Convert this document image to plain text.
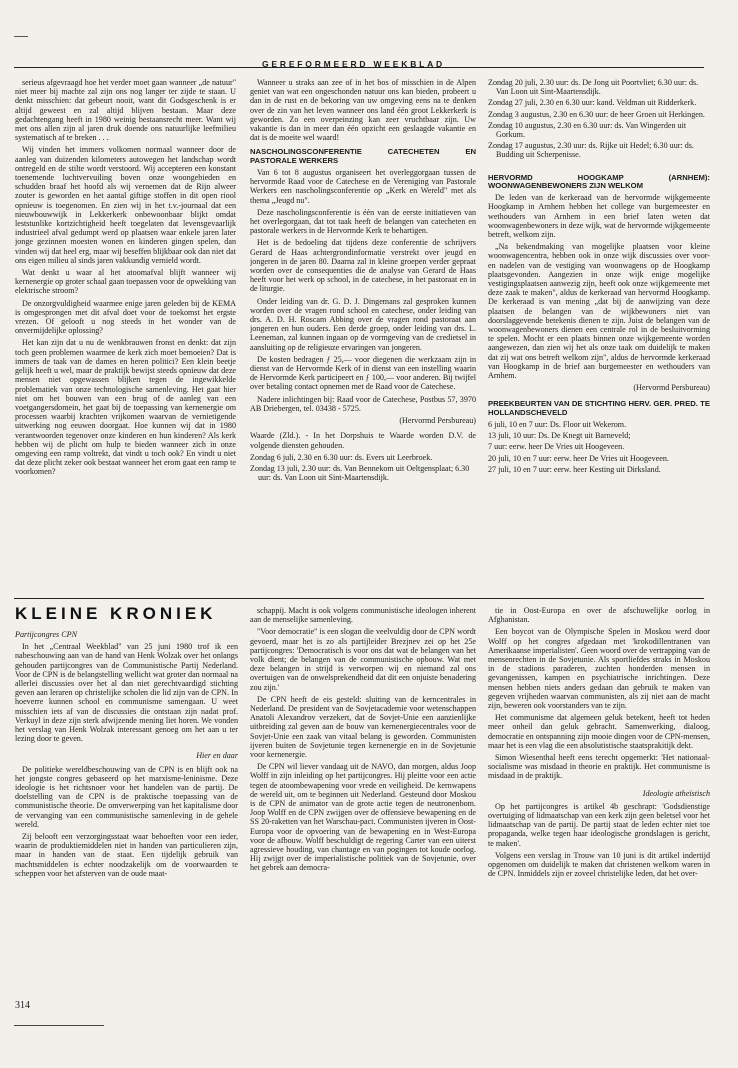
GEREFORMEERD WEEKBLAD

serieus afgevraagd hoe het verder moet gaan wanneer „de natuur" niet meer bij machte zal zijn ons nog langer ter zijde te staan. U denkt misschien: dat gebeurt nooit, want dit Godsgeschenk is er altijd geweest en zal altijd blijven bestaan. Maar deze gedachtengang heeft in 1980 weinig bestaansrecht meer. Want wij met ons allen zijn al jaren druk doende ons natuurlijke leefmilieu systematisch af te breken . . .

Wij vinden het immers volkomen normaal wanneer door de aanleg van duizenden kilometers autowegen het landschap wordt ontregeld en de stilte wordt verstoord. Wij accepteren een konstant toenemende luchtvervuiling boven onze woongebieden en schudden braaf het hoofd als wij vernemen dat de Rijn alweer zouter is geworden en het aantal giftige stoffen in dit open riool opnieuw is toegenomen. En zien wij in het t.v.-journaal dat een nieuwbouwwijk in Lekkerkerk onbewoonbaar blijkt omdat leststunlike kortzichtigheid heeft toegelaten dat levensgevaarlijk industrieel afval gedumpt werd op plaatsen waar enkele jaren later jonge gezinnen moesten wonen en kinderen gingen spelen, dan vinden wij dat heel erg, maar wij beseffen blijkbaar ook dan niet dat ons eigen milieu al sinds jaren vakkundig vernield wordt.

Wat denkt u waar al het atoomafval blijft wanneer wij kernenergie op groter schaal gaan toepassen voor de opwekking van elektrische stroom?

De onzorgvuldigheid waarmee enige jaren geleden bij de KEMA is omgesprongen met dit afval doet voor de toekomst het ergste vrezen. Of gelooft u nog steeds in het wonder van de onvermijdelijke oplossing?

Het kan zijn dat u nu de wenkbrauwen fronst en denkt: dat zijn toch geen problemen waarmee de kerk zich moet bemoeien? Dat is immers de taak van de dames en heren politici? Een klein beetje gelijk heeft u wel, maar de praktijk bewijst steeds opnieuw dat deze mensen niet opgewassen blijken tegen de ingewikkelde problematiek van onze technologische samenleving. Het gaat hier niet om het bouwen van een brug of de aanleg van een voetgangersdomein, het gaat bij de toepassing van kernenergie om processen waarbij krachten vrijkomen waarvan de vernietigende uitwerking nog eeuwen doorgaat. Hoe kunnen wij dat in 1980 verantwoorden tegenover onze kinderen en hun kinderen? Als kerk hebben wij de plicht om hulp te bieden wanneer zich in onze omgeving een ramp voltrekt, dat vindt u toch ook? En vindt u niet dat deze plicht zeker ook bestaat wanneer het erom gaat een ramp te voorkomen?

Wanneer u straks aan zee of in het bos of misschien in de Alpen geniet van wat een ongeschonden natuur ons kan bieden, probeert u dan in de rust en de bekoring van uw omgeving eens na te denken over de zin van het leven wanneer ons land één groot Lekkerkerk is geworden. Zo een overpeinzing kan zeer vruchtbaar zijn. Uw vakantie is dan in meer dan één opzicht een geslaagde vakantie en dat is de moeite wel waard!

NASCHOLINGSCONFERENTIE CATECHETEN EN PASTORALE WERKERS

Van 6 tot 8 augustus organiseert het overleggorgaan tussen de hervormde Raad voor de Catechese en de Vereniging van Pastorale Werkers een nascholingsconferentie op „Kerk en Wereld" met als thema „Jeugd nu".

Deze nascholingsconferentie is één van de eerste initiatieven van het overlegorgaan, dat tot taak heeft de belangen van catecheten en pastorale werkers in de Hervormde Kerk te behartigen.

Het is de bedoeling dat tijdens deze conferentie de schrijvers Gerard de Haas achtergrondinformatie verstrekt over jeugd en jongeren in de jaren 80. Daarna zal in kleine groepen verder gepraat worden over de consequenties die de analyse van Gerard de Haas heeft voor het werk op school, in de catechese, in het pastoraat en in de liturgie.

Onder leiding van dr. G. D. J. Dingemans zal gesproken kunnen worden over de vragen rond school en catechese, onder leiding van drs. A. D. H. Roscam Abbing over de vragen rond pastoraat aan jongeren en hun ouders. Een derde groep, onder leiding van drs. L. Leeneman, zal kunnen ingaan op de vormgeving van de credietsel in aansluiting op de religieuze ervaringen van jongeren.

De kosten bedragen ƒ 25,— voor diegenen die werkzaam zijn in dienst van de Hervormde Kerk of in dienst van een instelling waarin de Hervormde Kerk participeert en ƒ 100,— voor anderen. Bij twijfel over betaling contact opnemen met de Raad voor de Catechese.

Nadere inlichtingen bij: Raad voor de Catechese, Postbus 57, 3970 AB Driebergen, tel. 03438 - 5725.

(Hervormd Persbureau)

Waarde (Zld.). - In het Dorpshuis te Waarde worden D.V. de volgende diensten gehouden.

Zondag 6 juli, 2.30 en 6.30 uur: ds. Evers uit Leerbroek.

Zondag 13 juli, 2.30 uur: ds. Van Bennekom uit Oeltgensplaat; 6.30 uur: ds. Van Loon uit Sint-Maartensdijk.

Zondag 20 juli, 2.30 uur: ds. De Jong uit Poortvliet; 6.30 uur: ds. Van Loon uit Sint-Maartensdijk.

Zondag 27 juli, 2.30 en 6.30 uur: kand. Veldman uit Ridderkerk.

Zondag 3 augustus, 2.30 en 6.30 uur: de heer Groen uit Herkingen.

Zondag 10 augustus, 2.30 en 6.30 uur: ds. Van Wingerden uit Gorkum.

Zondag 17 augustus, 2.30 uur: ds. Rijke uit Hedel; 6.30 uur: ds. Budding uit Scherpenisse.

HERVORMD HOOGKAMP (ARNHEM): WOONWAGENBEWONERS ZIJN WELKOM

De leden van de kerkeraad van de hervormde wijkgemeente Hoogkamp in Arnhem hebben het college van burgemeester en wethouders van Arnhem in een brief laten weten dat woonwagenbewoners in deze wijk, wat de hervormde wijkgemeente betreft, welkom zijn.

„Na bekendmaking van mogelijke plaatsen voor kleine woonwagencentra, hebben ook in onze wijk discussies over voor- en nadelen van de vestiging van woonwagens op de Hoogkamp plaatsgevonden. Aangezien in onze wijk enige mogelijke vestigingsplaatsen aanwezig zijn, heeft ook onze wijkgemeente met deze zaak te maken", aldus de kerkeraad van hervormd Hoogkamp. De kerkeraad is van mening „dat bij de aanwijzing van deze plaatsen de belangen van de wijkbewoners niet van doorslaggevende betekenis dienen te zijn. Juist de belangen van de woonwagenbewoners dienen een centrale rol in de besluitvorming te spelen. Mocht er een plaats binnen onze wijkgemeente worden aangewezen, dan zien wij het als onze taak om duidelijk te maken dat zij wat ons betreft welkom zijn", aldus de hervormde kerkeraad van Hoogkamp in de brief aan burgemeester en wethouders van Arnhem.

(Hervormd Persbureau)

PREEKBEURTEN VAN DE STICHTING HERV. GER. PRED. TE HOLLANDSCHEVELD

6 juli, 10 en 7 uur: Ds. Floor uit Wekerom.

13 juli, 10 uur: Ds. De Knegt uit Barneveld;

7 uur: eerw. heer De Vries uit Hoogeveen.

20 juli, 10 en 7 uur: eerw. heer De Vries uit Hoogeveen.

27 juli, 10 en 7 uur: eerw. heer Kesting uit Dirksland.

KLEINE KRONIEK

Partijcongres CPN

In het „Centraal Weekblad" van 25 juni 1980 trof ik een nabeschouwing aan van de hand van Henk Wolzak over het onlangs gehouden partijcongres van de Communistische Partij Nederland. Voor de CPN is de belangstelling wellicht wat groter dan normaal na allerlei discussies over het al dan niet gerechtvaardigd stichting geven aan leraren op christelijke scholen die lid zijn van de CPN. In hoeverre kunnen school en communisme samengaan. U weet misschien iets af van de discussies die ontstaan zijn nadat prof. Verkuyl in deze zijn sterk afwijzende mening liet horen. We vonden het verslag van Henk Wolzak interessant genoeg om het aan u ter lezing door te geven.

Hier en daar

De politieke wereldbeschouwing van de CPN is en blijft ook na het jongste congres gebaseerd op het marxisme-leninisme. Deze ideologie is het richtsnoer voor het handelen van de partij. De doelstelling van de CPN is de praktische toepassing van de communistische theorie. De omverwerping van het kapitalisme door de vervanging van een communistische samenleving in de gehele wereld.

Zij belooft een verzorgingsstaat waar behoeften voor een ieder, waarin de produktiemiddelen niet in handen van particulieren zijn, maar in handen van de staat. Een tijdelijk gebruik van machtsmiddelen is echter noodzakelijk om de voorwaarden te scheppen voor het afsterven van de oude maat-

schappij. Macht is ook volgens communistische ideologen inherent aan de menselijke samenleving.

"Voor democratie" is een slogan die veelvuldig door de CPN wordt gevoerd, maar het is zo als partijleider Brezjnev zei op het 25e partijcongres: 'Democratisch is voor ons dat wat de belangen van het volk dient; de belangen van de communistische opbouw. Wat met deze belangen in strijd is verworpen wij en niemand zal ons overtuigen van de onwelsprekendheid dat dit een onjuiste benadering zou zijn.'

De CPN heeft de eis gesteld: sluiting van de kerncentrales in Nederland. De president van de Sovjetacademie voor wetenschappen Anatoli Alexandrov verzekert, dat de Sovjet-Unie een aanzienlijke uitbreiding zal geven aan de bouw van kernenergiecentrales voor de Sovjet-Unie een zaak van vitaal belang is geworden. Communisten ijveren buiten de Sovjetunie tegen kernenergie en in de Sovjetunie voor kernenergie.

De CPN wil liever vandaag uit de NAVO, dan morgen, aldus Joop Wolff in zijn inleiding op het partijcongres. Hij pleitte voor een actie tegen de atoombewapening voor vrede en veiligheid. De kernwapens de wereld uit, om te beginnen uit Nederland. Gesteund door Moskou is de CPN de animator van de grote actie tegen de neutronenbom. Joop Wolff en de CPN zwijgen over de offensieve bewapening en de SS 20-raketten van het Warschau-pact. Communisten ijveren in Oost-Europa voor de opvoering van de bewapening en in West-Europa voor de afbouw. Wolff beschuldigt de regering Carter van een uiterst agressieve houding, van chantage en van pogingen tot koude oorlog. Hij zwijgt over de imperialistische politiek van de Sovjetunie, over het gebrek aan democra-

tie in Oost-Europa en over de afschuwelijke oorlog in Afghanistan.

Een boycot van de Olympische Spelen in Moskou werd door Wolff op het congres afgedaan met 'krokodillentranen van Amerikaanse imperialisten'. Geen woord over de vertrapping van de mensenrechten in de Sovjetunie. Als sportliefdes straks in Moskou in de stadions paraderen, zuchten honderden mensen in gevangenissen, kampen en psychiatrische inrichtingen. Deze mensen hebben niets anders gedaan dan gebruik te maken van gegeven vrijheden waarvan communisten, als zij niet aan de macht zijn, beweren ook voorstanders van te zijn.

Het communisme dat algemeen geluk betekent, heeft tot heden meer onheil dan geluk gebracht. Samenwerking, dialoog, democratie en ontspanning zijn mooie dingen voor de CPN-mensen, maar het is een vlag die een absolutistische staatsprakitijk dekt.

Simon Wiesenthal heeft eens terecht opgemerkt: 'Het nationaal-socialisme was misdaad in theorie en praktijk. Het communisme is misdaad in de praktijk.

Ideologie atheïstisch

Op het partijcongres is artikel 4b geschrapt: 'Godsdienstige overtuiging of lidmaatschap van een kerk zijn geen beletsel voor het lidmaatschap van de partij. De partij staat de leden echter niet toe propaganda, welke tegen haar ideologische grondslagen is gericht, te maken'.

Volgens een verslag in Trouw van 10 juni is dit artikel indertijd opgenomen om duidelijk te maken dat christenen welkom waren in de CPN. Inmiddels zijn er zoveel christelijke leden, dat het over-

314
